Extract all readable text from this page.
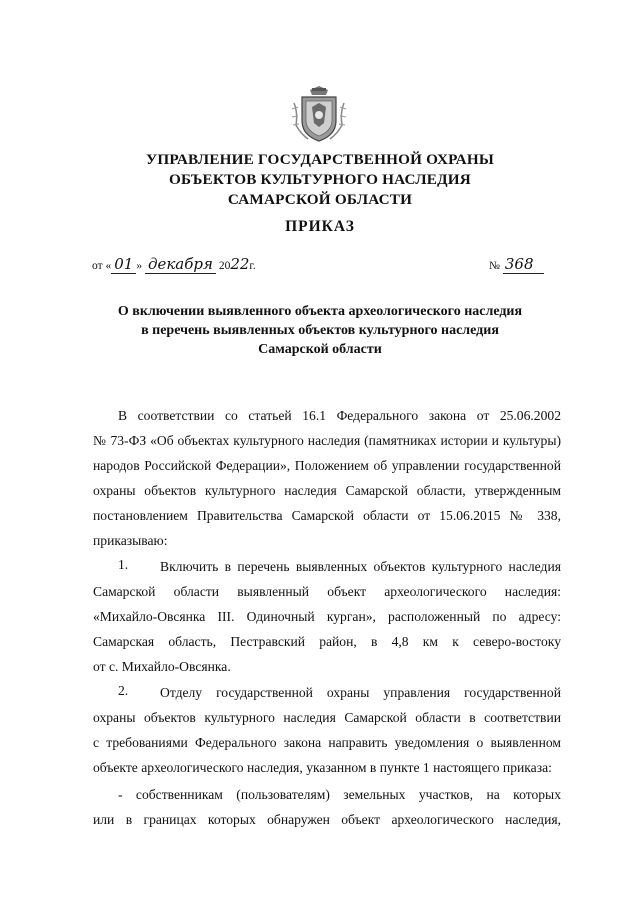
УПРАВЛЕНИЕ ГОСУДАРСТВЕННОЙ ОХРАНЫ
ОБЪЕКТОВ КУЛЬТУРНОГО НАСЛЕДИЯ
САМАРСКОЙ ОБЛАСТИ
ПРИКАЗ
от « 01 » декабря 2022г.	№ 368
О включении выявленного объекта археологического наследия
в перечень выявленных объектов культурного наследия
Самарской области
В соответствии со статьей 16.1 Федерального закона от 25.06.2002
№ 73-ФЗ «Об объектах культурного наследия (памятниках истории и культуры)
народов Российской Федерации», Положением об управлении государственной
охраны объектов культурного наследия Самарской области, утвержденным
постановлением Правительства Самарской области от 15.06.2015 № 338,
приказываю:
1. Включить в перечень выявленных объектов культурного наследия
Самарской области выявленный объект археологического наследия:
«Михайло-Овсянка III. Одиночный курган», расположенный по адресу:
Самарская область, Пестравский район, в 4,8 км к северо-востоку
от с. Михайло-Овсянка.
2. Отделу государственной охраны управления государственной
охраны объектов культурного наследия Самарской области в соответствии
с требованиями Федерального закона направить уведомления о выявленном
объекте археологического наследия, указанном в пункте 1 настоящего приказа:
- собственникам (пользователям) земельных участков, на которых
или в границах которых обнаружен объект археологического наследия,
